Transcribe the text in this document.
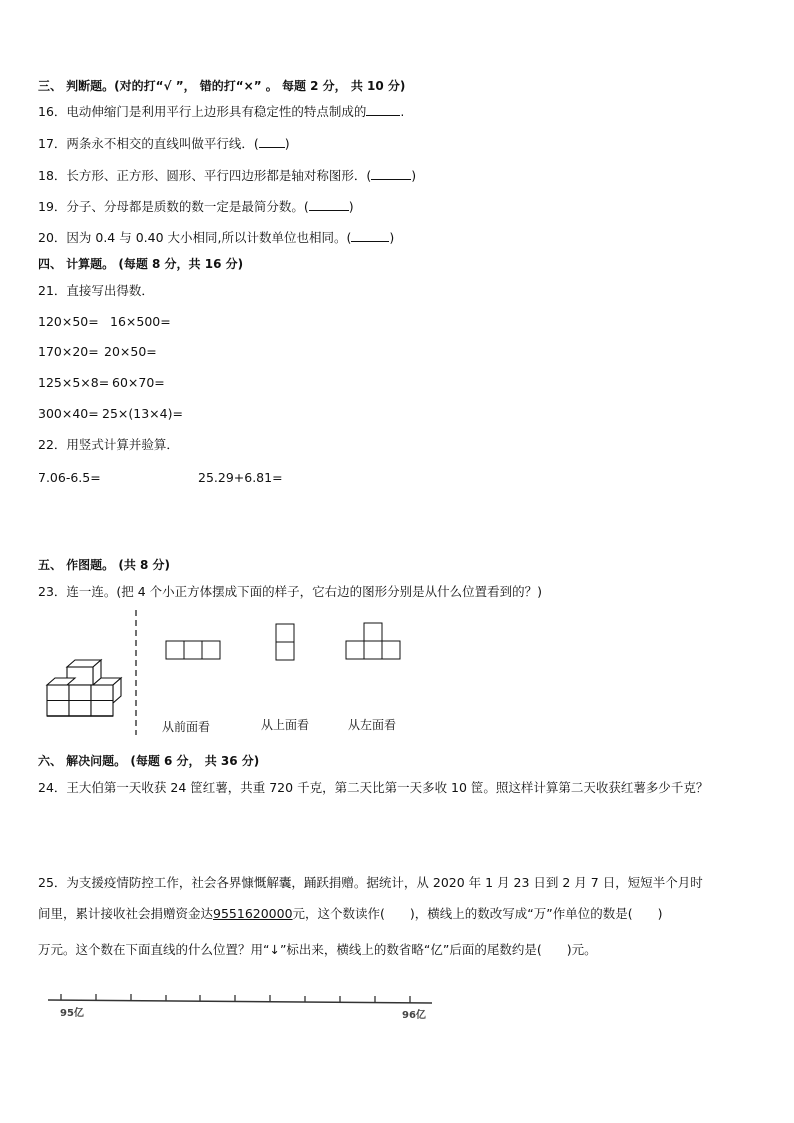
三、 判断题。(对的打“√ ”， 错的打“×” 。 每题 2 分， 共 10 分)
16．电动伸缩门是利用平行上边形具有稳定性的特点制成的	.
17．两条永不相交的直线叫做平行线．( )
18．长方形、正方形、圆形、平行四边形都是轴对称图形．(	)
19．分子、分母都是质数的数一定是最简分数。(	)
20．因为 0.4 与 0.40 大小相同,所以计数单位也相同。(	)
四、 计算题。 (每题 8 分，共 16 分)
21．直接写出得数．
120×50= 16×500=
170×20= 20×50=
125×5×8= 60×70=
300×40= 25×(13×4)=
22．用竖式计算并验算．
7.06-6.5=	25.29+6.81=
五、 作图题。 (共 8 分)
23．连一连。(把 4 个小正方体摆成下面的样子，它右边的图形分别是从什么位置看到的？)
从前面看	从上面看	从左面看
六、 解决问题。 (每题 6 分， 共 36 分)
24．王大伯第一天收获 24 筐红薯，共重 720 千克，第二天比第一天多收 10 筐。照这样计算第二天收获红薯多少千克？
25．为支援疫情防控工作，社会各界慷慨解囊，踊跃捐赠。据统计，从 2020 年 1 月 23 日到 2 月 7 日，短短半个月时
间里，累计接收社会捐赠资金达9551620000元，这个数读作(　　)，横线上的数改写成“万”作单位的数是(　　)
万元。这个数在下面直线的什么位置？用“↓”标出来，横线上的数省略“亿”后面的尾数约是(　　)元。
95亿	96亿
